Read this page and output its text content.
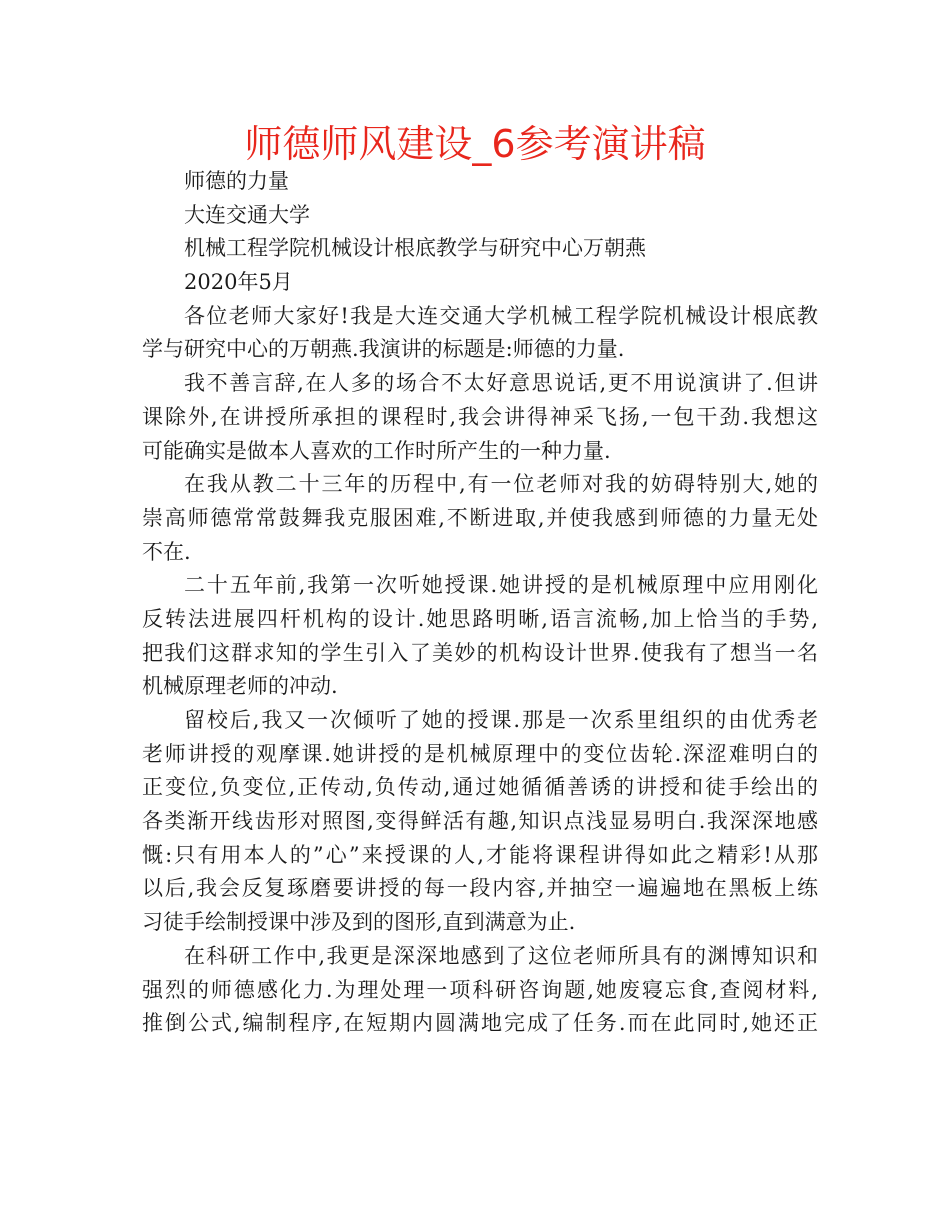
师德师风建设_6参考演讲稿
师德的力量
大连交通大学
机械工程学院机械设计根底教学与研究中心万朝燕
2020年5月
各位老师大家好!我是大连交通大学机械工程学院机械设计根底教
学与研究中心的万朝燕.我演讲的标题是:师德的力量.
我不善言辞,在人多的场合不太好意思说话,更不用说演讲了.但讲
课除外,在讲授所承担的课程时,我会讲得神采飞扬,一包干劲.我想这
可能确实是做本人喜欢的工作时所产生的一种力量.
在我从教二十三年的历程中,有一位老师对我的妨碍特别大,她的
崇高师德常常鼓舞我克服困难,不断进取,并使我感到师德的力量无处
不在.
二十五年前,我第一次听她授课.她讲授的是机械原理中应用刚化
反转法进展四杆机构的设计.她思路明晰,语言流畅,加上恰当的手势,
把我们这群求知的学生引入了美妙的机构设计世界.使我有了想当一名
机械原理老师的冲动.
留校后,我又一次倾听了她的授课.那是一次系里组织的由优秀老
老师讲授的观摩课.她讲授的是机械原理中的变位齿轮.深涩难明白的
正变位,负变位,正传动,负传动,通过她循循善诱的讲授和徒手绘出的
各类渐开线齿形对照图,变得鲜活有趣,知识点浅显易明白.我深深地感
慨:只有用本人的”心”来授课的人,才能将课程讲得如此之精彩!从那
以后,我会反复琢磨要讲授的每一段内容,并抽空一遍遍地在黑板上练
习徒手绘制授课中涉及到的图形,直到满意为止.
在科研工作中,我更是深深地感到了这位老师所具有的渊博知识和
强烈的师德感化力.为理处理一项科研咨询题,她废寝忘食,查阅材料,
推倒公式,编制程序,在短期内圆满地完成了任务.而在此同时,她还正
